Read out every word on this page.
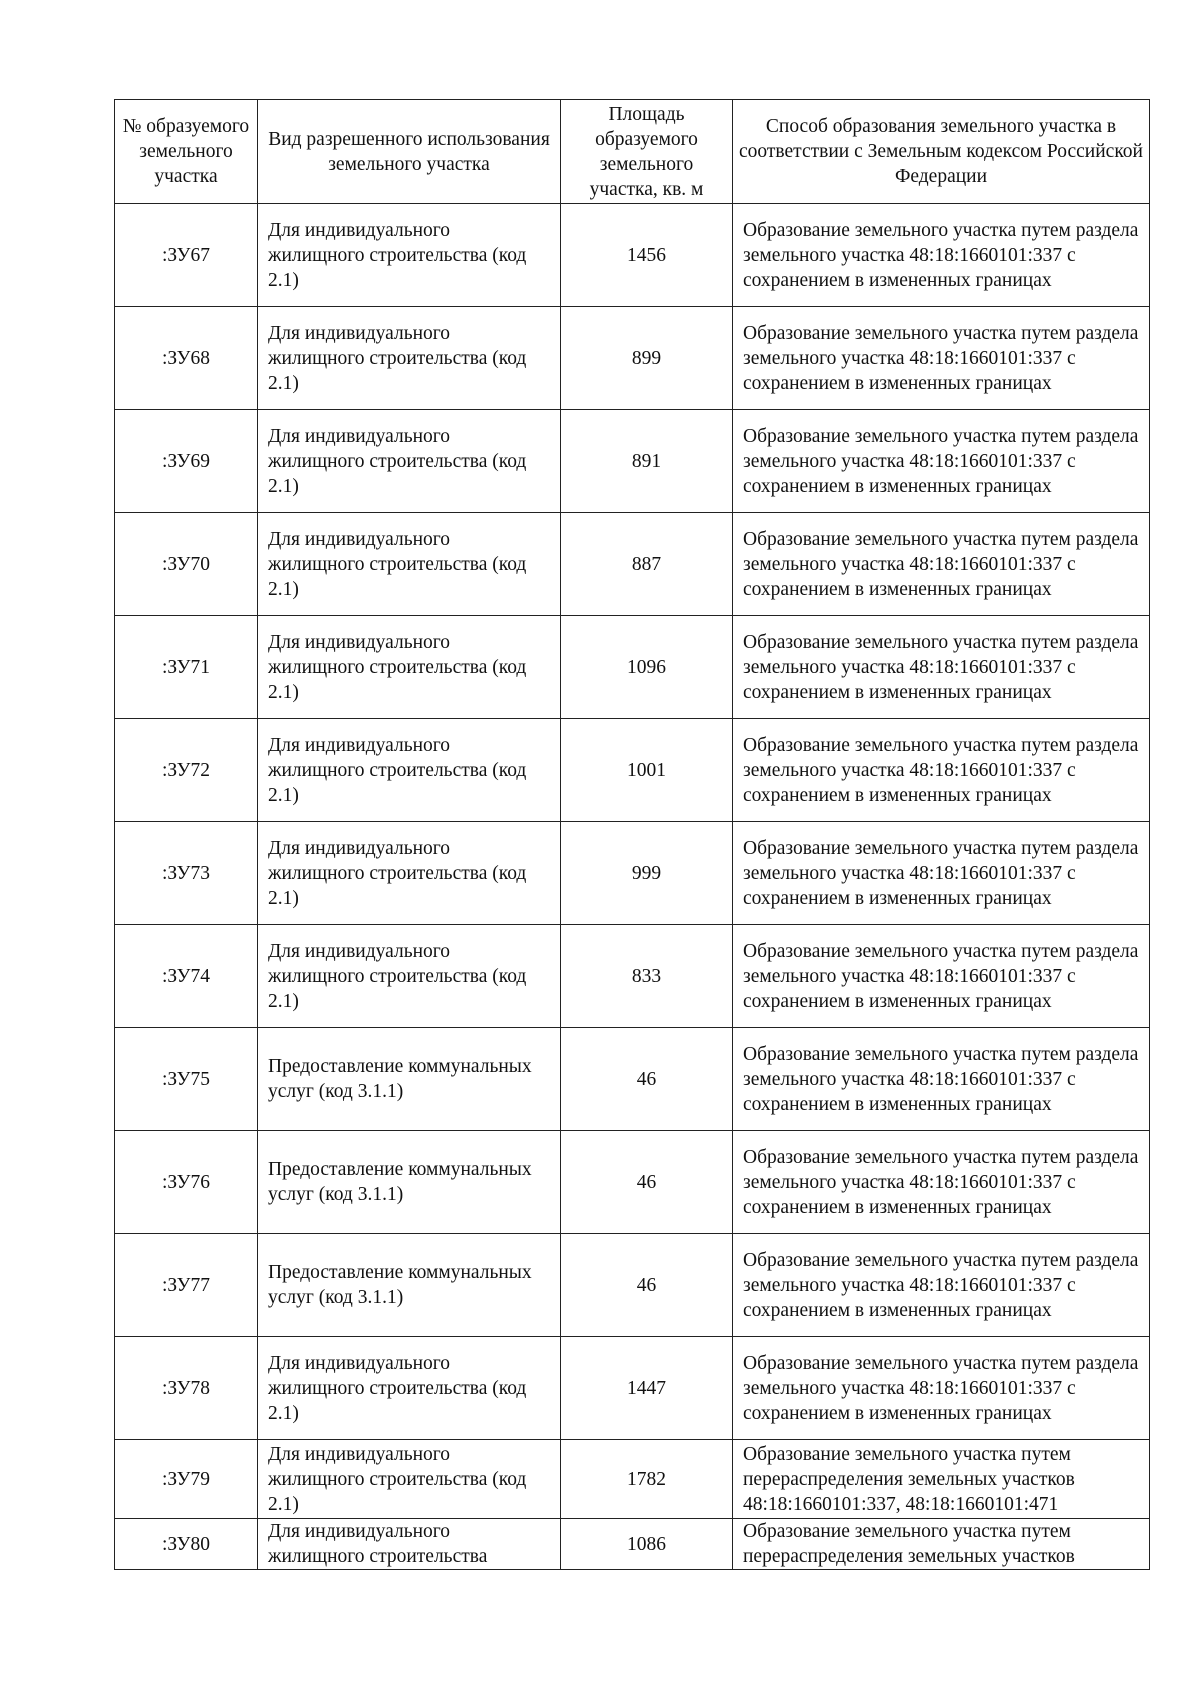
№ образуемого земельного участка	Вид разрешенного использования земельного участка	Площадь образуемого земельного участка, кв. м	Способ образования земельного участка в соответствии с Земельным кодексом Российской Федерации
:ЗУ67	Для индивидуального жилищного строительства (код 2.1)	1456	Образование земельного участка путем раздела земельного участка 48:18:1660101:337 с сохранением в измененных границах
:ЗУ68	Для индивидуального жилищного строительства (код 2.1)	899	Образование земельного участка путем раздела земельного участка 48:18:1660101:337 с сохранением в измененных границах
:ЗУ69	Для индивидуального жилищного строительства (код 2.1)	891	Образование земельного участка путем раздела земельного участка 48:18:1660101:337 с сохранением в измененных границах
:ЗУ70	Для индивидуального жилищного строительства (код 2.1)	887	Образование земельного участка путем раздела земельного участка 48:18:1660101:337 с сохранением в измененных границах
:ЗУ71	Для индивидуального жилищного строительства (код 2.1)	1096	Образование земельного участка путем раздела земельного участка 48:18:1660101:337 с сохранением в измененных границах
:ЗУ72	Для индивидуального жилищного строительства (код 2.1)	1001	Образование земельного участка путем раздела земельного участка 48:18:1660101:337 с сохранением в измененных границах
:ЗУ73	Для индивидуального жилищного строительства (код 2.1)	999	Образование земельного участка путем раздела земельного участка 48:18:1660101:337 с сохранением в измененных границах
:ЗУ74	Для индивидуального жилищного строительства (код 2.1)	833	Образование земельного участка путем раздела земельного участка 48:18:1660101:337 с сохранением в измененных границах
:ЗУ75	Предоставление коммунальных услуг (код 3.1.1)	46	Образование земельного участка путем раздела земельного участка 48:18:1660101:337 с сохранением в измененных границах
:ЗУ76	Предоставление коммунальных услуг (код 3.1.1)	46	Образование земельного участка путем раздела земельного участка 48:18:1660101:337 с сохранением в измененных границах
:ЗУ77	Предоставление коммунальных услуг (код 3.1.1)	46	Образование земельного участка путем раздела земельного участка 48:18:1660101:337 с сохранением в измененных границах
:ЗУ78	Для индивидуального жилищного строительства (код 2.1)	1447	Образование земельного участка путем раздела земельного участка 48:18:1660101:337 с сохранением в измененных границах
:ЗУ79	Для индивидуального жилищного строительства (код 2.1)	1782	Образование земельного участка путем перераспределения земельных участков 48:18:1660101:337, 48:18:1660101:471
:ЗУ80	Для индивидуального жилищного строительства	1086	Образование земельного участка путем перераспределения земельных участков
